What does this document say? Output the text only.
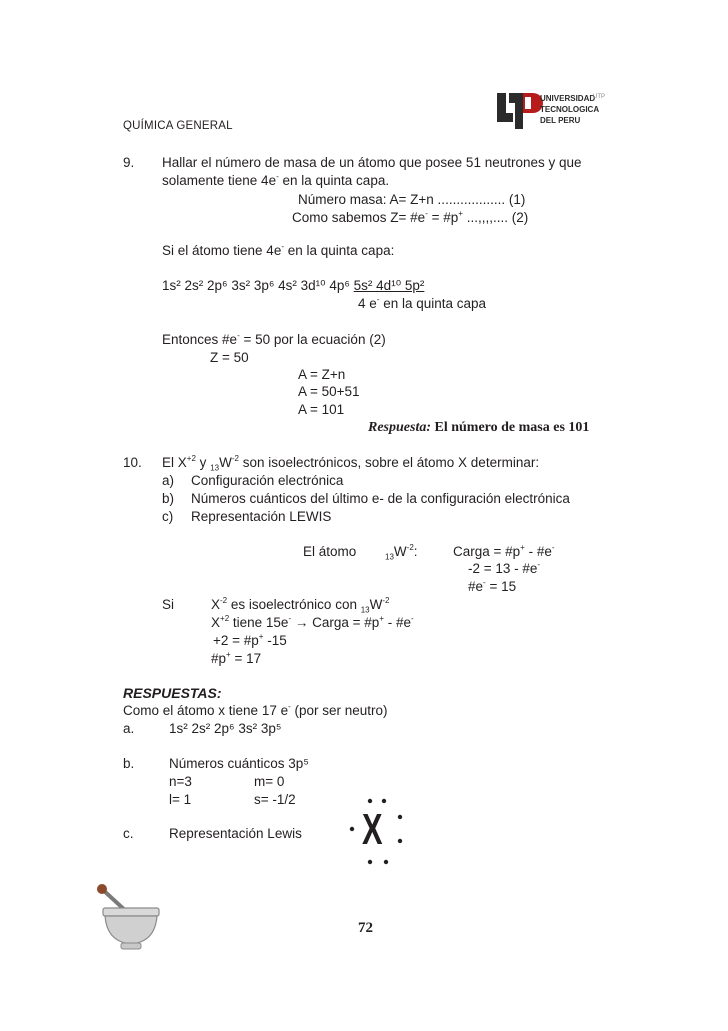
QUÍMICA GENERAL
UNIVERSIDAD
TECNOLOGICA
DEL PERU
UTP
9. Hallar el número de masa de un átomo que posee 51 neutrones y que
solamente tiene 4e- en la quinta capa.
Número masa: A= Z+n .................. (1)
Como sabemos Z= #e- = #p+ ...,,,,.... (2)
Si el átomo tiene 4e- en la quinta capa:
1s² 2s² 2p⁶ 3s² 3p⁶ 4s² 3d¹⁰ 4p⁶ 5s² 4d¹⁰ 5p²
4 e- en la quinta capa
Entonces #e- = 50 por la ecuación (2)
Z = 50
A = Z+n
A = 50+51
A = 101
Respuesta: El número de masa es 101
10. El $X^{+2}$ y $_{13}W^{-2}$ son isoelectrónicos, sobre el átomo X determinar:
a) Configuración electrónica
b) Números cuánticos del último e- de la configuración electrónica
c) Representación LEWIS
El átomo	$_{13}W^{-2}$:	Carga = #p+ - #e-
-2 = 13 - #e-
#e- = 15
Si	$X^{-2}$ es isoelectrónico con $_{13}W^{-2}$
$X^{+2}$ tiene 15e- → Carga = #p+ - #e-
+2 = #p+ -15
#p+ = 17
RESPUESTAS:
Como el átomo x tiene 17 e- (por ser neutro)
a.	1s² 2s² 2p⁶ 3s² 3p⁵
b.	Números cuánticos 3p⁵
n=3	m= 0
l= 1	s= -1/2
c.	Representación Lewis X
72
